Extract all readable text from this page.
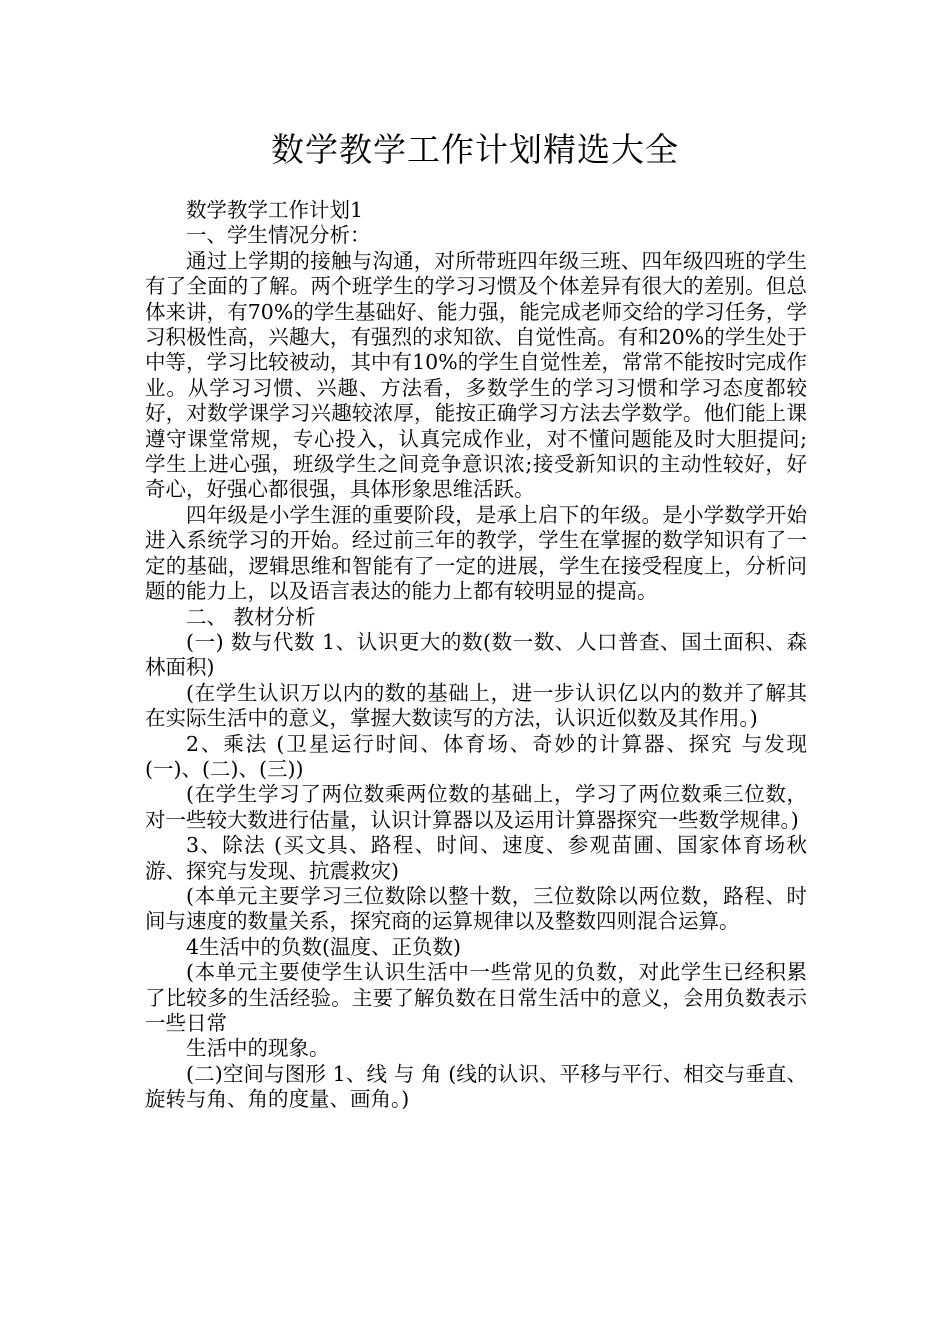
数学教学工作计划精选大全

数学教学工作计划1

一、学生情况分析：

通过上学期的接触与沟通，对所带班四年级三班、四年级四班的学生有了全面的了解。两个班学生的学习习惯及个体差异有很大的差别。但总体来讲，有70%的学生基础好、能力强，能完成老师交给的学习任务，学习积极性高，兴趣大，有强烈的求知欲、自觉性高。有和20%的学生处于中等，学习比较被动，其中有10%的学生自觉性差，常常不能按时完成作业。从学习习惯、兴趣、方法看，多数学生的学习习惯和学习态度都较好，对数学课学习兴趣较浓厚，能按正确学习方法去学数学。他们能上课遵守课堂常规，专心投入，认真完成作业，对不懂问题能及时大胆提问;学生上进心强，班级学生之间竞争意识浓;接受新知识的主动性较好，好奇心，好强心都很强，具体形象思维活跃。

四年级是小学生涯的重要阶段，是承上启下的年级。是小学数学开始进入系统学习的开始。经过前三年的教学，学生在掌握的数学知识有了一定的基础，逻辑思维和智能有了一定的进展，学生在接受程度上，分析问题的能力上，以及语言表达的能力上都有较明显的提高。

二、 教材分析

(一) 数与代数 1、认识更大的数(数一数、人口普查、国土面积、森林面积)

(在学生认识万以内的数的基础上，进一步认识亿以内的数并了解其在实际生活中的意义，掌握大数读写的方法，认识近似数及其作用。)

2、乘法 (卫星运行时间、体育场、奇妙的计算器、探究 与发现 (一)、(二)、(三))

(在学生学习了两位数乘两位数的基础上，学习了两位数乘三位数，对一些较大数进行估量，认识计算器以及运用计算器探究一些数学规律。)

3、除法 (买文具、路程、时间、速度、参观苗圃、国家体育场秋游、探究与发现、抗震救灾)

(本单元主要学习三位数除以整十数，三位数除以两位数，路程、时间与速度的数量关系，探究商的运算规律以及整数四则混合运算。

4生活中的负数(温度、正负数)

(本单元主要使学生认识生活中一些常见的负数，对此学生已经积累了比较多的生活经验。主要了解负数在日常生活中的意义，会用负数表示一些日常

生活中的现象。

(二)空间与图形 1、线 与 角 (线的认识、平移与平行、相交与垂直、旋转与角、角的度量、画角。)
